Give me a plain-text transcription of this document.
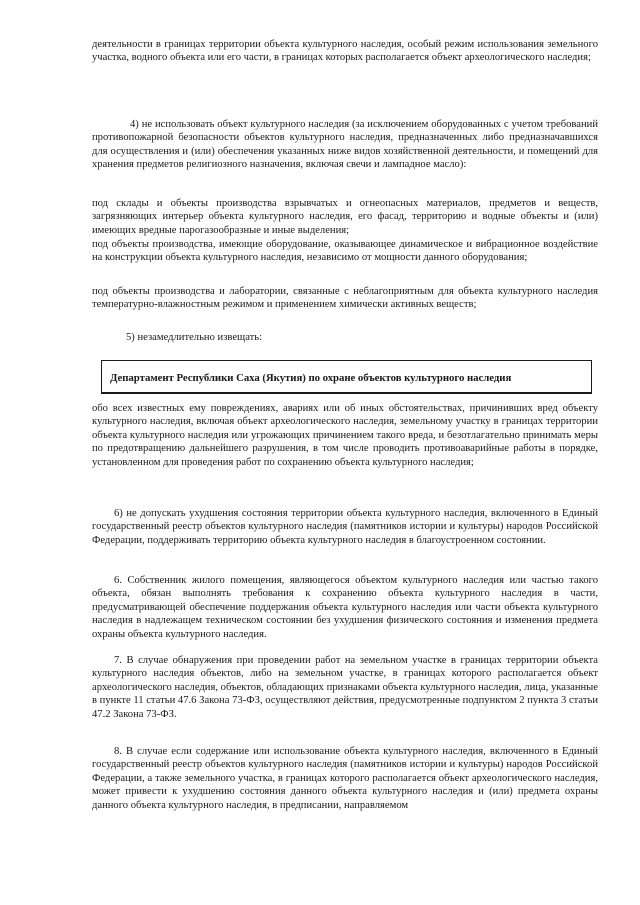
деятельности в границах территории объекта культурного наследия, особый режим использования земельного участка, водного объекта или его части, в границах которых располагается объект археологического наследия;

4) не использовать объект культурного наследия (за исключением оборудованных с учетом требований противопожарной безопасности объектов культурного наследия, предназначенных либо предназначавшихся для осуществления и (или) обеспечения указанных ниже видов хозяйственной деятельности, и помещений для хранения предметов религиозного назначения, включая свечи и лампадное масло):

под склады и объекты производства взрывчатых и огнеопасных материалов, предметов и веществ, загрязняющих интерьер объекта культурного наследия, его фасад, территорию и водные объекты и (или) имеющих вредные парогазообразные и иные выделения;

под объекты производства, имеющие оборудование, оказывающее динамическое и вибрационное воздействие на конструкции объекта культурного наследия, независимо от мощности данного оборудования;

под объекты производства и лаборатории, связанные с неблагоприятным для объекта культурного наследия температурно-влажностным режимом и применением химически активных веществ;

5) незамедлительно извещать:

Департамент Республики Саха (Якутия) по охране объектов культурного наследия

обо всех известных ему повреждениях, авариях или об иных обстоятельствах, причинивших вред объекту культурного наследия, включая объект археологического наследия, земельному участку в границах территории объекта культурного наследия или угрожающих причинением такого вреда, и безотлагательно принимать меры по предотвращению дальнейшего разрушения, в том числе проводить противоаварийные работы в порядке, установленном для проведения работ по сохранению объекта культурного наследия;

6) не допускать ухудшения состояния территории объекта культурного наследия, включенного в Единый государственный реестр объектов культурного наследия (памятников истории и культуры) народов Российской Федерации, поддерживать территорию объекта культурного наследия в благоустроенном состоянии.

6. Собственник жилого помещения, являющегося объектом культурного наследия или частью такого объекта, обязан выполнять требования к сохранению объекта культурного наследия в части, предусматривающей обеспечение поддержания объекта культурного наследия или части объекта культурного наследия в надлежащем техническом состоянии без ухудшения физического состояния и изменения предмета охраны объекта культурного наследия.

7. В случае обнаружения при проведении работ на земельном участке в границах территории объекта культурного наследия объектов, либо на земельном участке, в границах которого располагается объект археологического наследия, объектов, обладающих признаками объекта культурного наследия, лица, указанные в пункте 11 статьи 47.6 Закона 73-ФЗ, осуществляют действия, предусмотренные подпунктом 2 пункта 3 статьи 47.2 Закона 73-ФЗ.

8. В случае если содержание или использование объекта культурного наследия, включенного в Единый государственный реестр объектов культурного наследия (памятников истории и культуры) народов Российской Федерации, а также земельного участка, в границах которого располагается объект археологического наследия, может привести к ухудшению состояния данного объекта культурного наследия и (или) предмета охраны данного объекта культурного наследия, в предписании, направляемом
